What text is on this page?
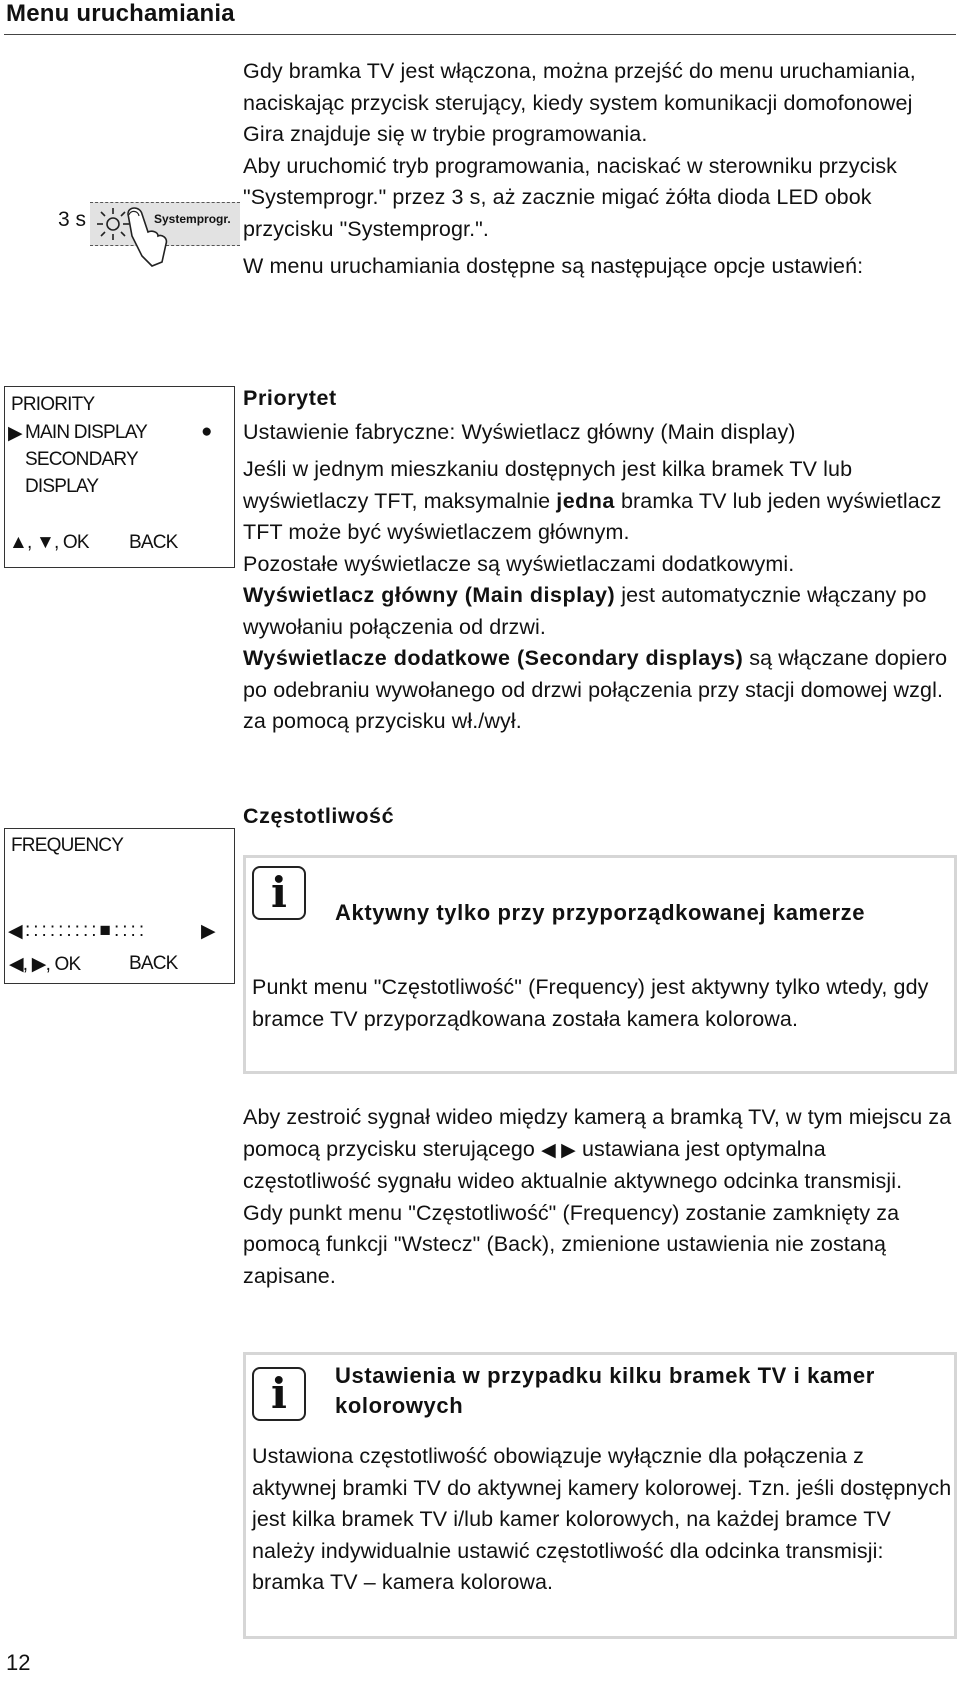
Menu uruchamiania

Gdy bramka TV jest włączona, można przejść do menu uruchamiania, naciskając przycisk sterujący, kiedy system komunikacji domofonowej Gira znajduje się w trybie programowania.

Aby uruchomić tryb programowania, naciskać w sterowniku przycisk "Systemprogr." przez 3 s, aż zacznie migać żółta dioda LED obok przycisku "Systemprogr.".

W menu uruchamiania dostępne są następujące opcje ustawień:

3 s	Systemprogr.
PRIORITY
▶ MAIN DISPLAY	●
SECONDARY
DISPLAY
▲, ▼, OK BACK

Priorytet

Ustawienie fabryczne: Wyświetlacz główny (Main display)

Jeśli w jednym mieszkaniu dostępnych jest kilka bramek TV lub wyświetlaczy TFT, maksymalnie jedna bramka TV lub jeden wyświetlacz TFT może być wyświetlaczem głównym.

Pozostałe wyświetlacze są wyświetlaczami dodatkowymi.

Wyświetlacz główny (Main display) jest automatycznie włączany po wywołaniu połączenia od drzwi.

Wyświetlacze dodatkowe (Secondary displays) są włączane dopiero po odebraniu wywołanego od drzwi połączenia przy stacji domowej wzgl. za pomocą przycisku wł./wył.

FREQUENCY
◀ :::::::::■::::	▶
◀, ▶, OK	BACK
Częstotliwość
i	Aktywny tylko przy przyporządkowanej kamerze
Punkt menu "Częstotliwość" (Frequency) jest aktywny tylko wtedy, gdy bramce TV przyporządkowana została kamera kolorowa.

Aby zestroić sygnał wideo między kamerą a bramką TV, w tym miejscu za pomocą przycisku sterującego ◀ ▶ ustawiana jest optymalna częstotliwość sygnału wideo aktualnie aktywnego odcinka transmisji.

Gdy punkt menu "Częstotliwość" (Frequency) zostanie zamknięty za pomocą funkcji "Wstecz" (Back), zmienione ustawienia nie zostaną zapisane.

i	Ustawienia w przypadku kilku bramek TV i kamer kolorowych
Ustawiona częstotliwość obowiązuje wyłącznie dla połączenia z aktywnej bramki TV do aktywnej kamery kolorowej. Tzn. jeśli dostępnych jest kilka bramek TV i/lub kamer kolorowych, na każdej bramce TV należy indywidualnie ustawić częstotliwość dla odcinka transmisji: bramka TV – kamera kolorowa.
12
